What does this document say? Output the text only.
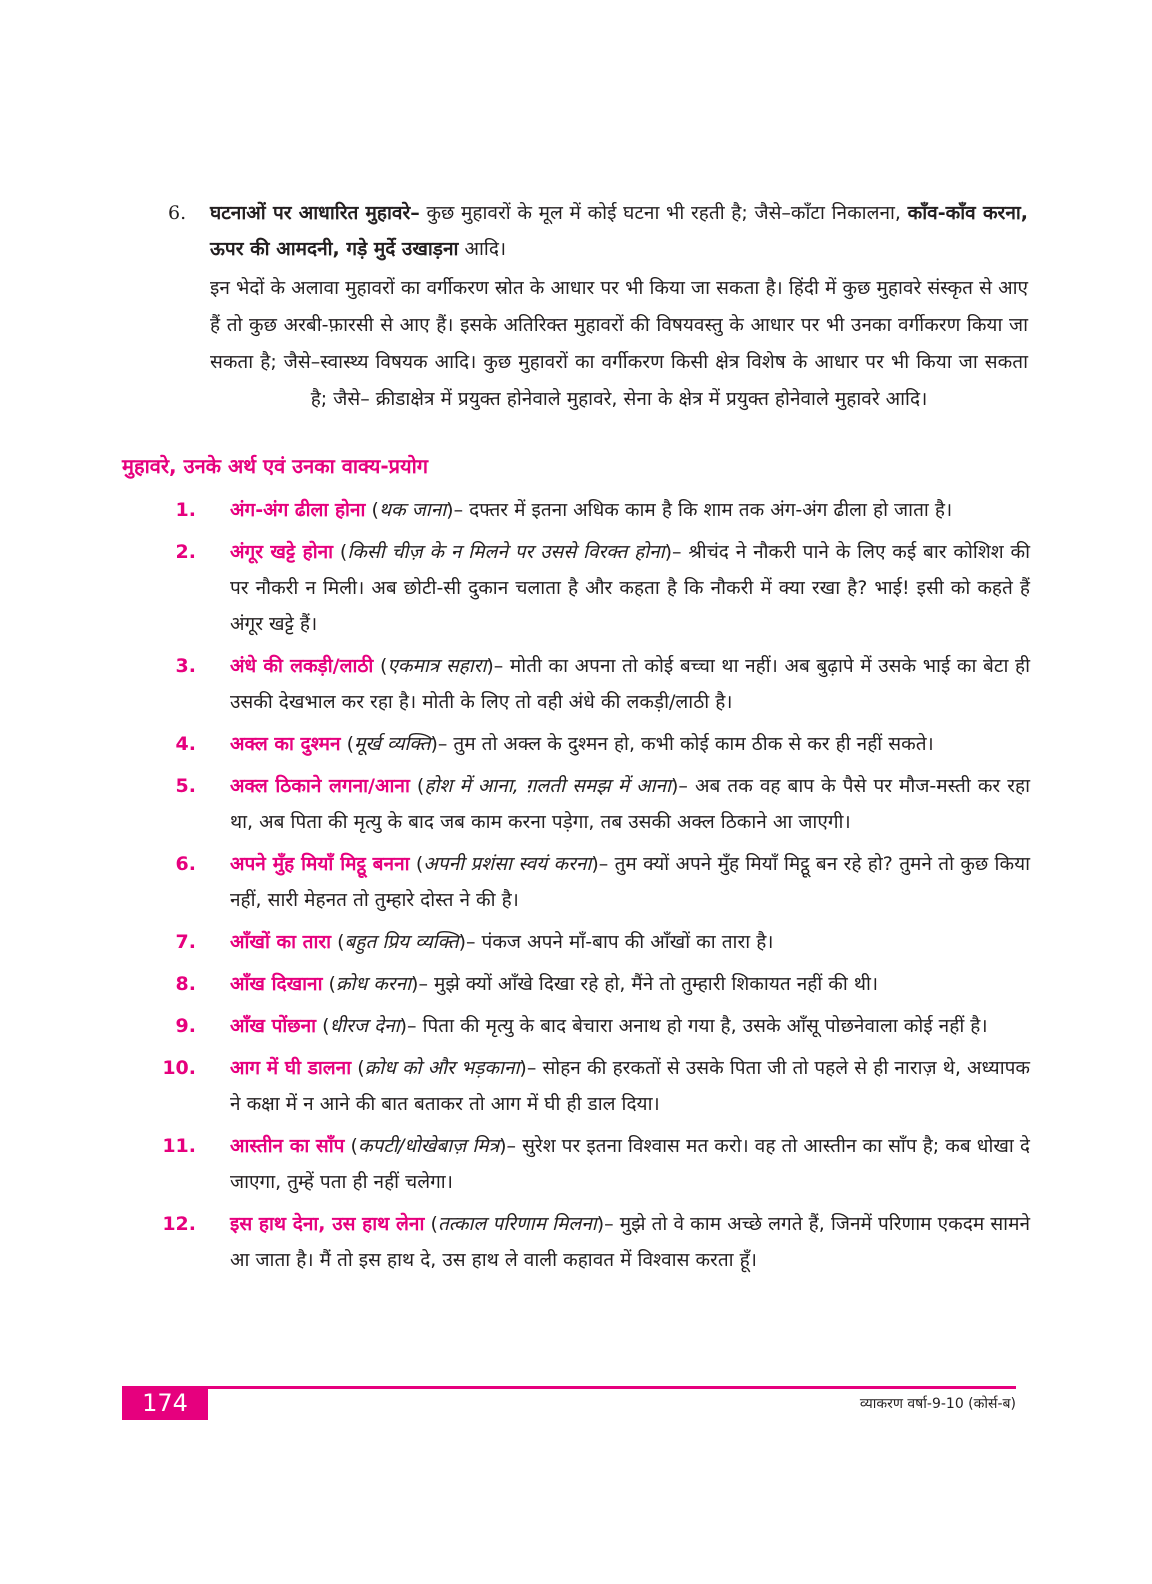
6. घटनाओं पर आधारित मुहावरे– कुछ मुहावरों के मूल में कोई घटना भी रहती है; जैसे–काँटा निकालना, काँव-काँव करना, ऊपर की आमदनी, गड़े मुर्दे उखाड़ना आदि।

इन भेदों के अलावा मुहावरों का वर्गीकरण स्रोत के आधार पर भी किया जा सकता है। हिंदी में कुछ मुहावरे संस्कृत से आए हैं तो कुछ अरबी-फ़ारसी से आए हैं। इसके अतिरिक्त मुहावरों की विषयवस्तु के आधार पर भी उनका वर्गीकरण किया जा सकता है; जैसे–स्वास्थ्य विषयक आदि। कुछ मुहावरों का वर्गीकरण किसी क्षेत्र विशेष के आधार पर भी किया जा सकता है; जैसे– क्रीडाक्षेत्र में प्रयुक्त होनेवाले मुहावरे, सेना के क्षेत्र में प्रयुक्त होनेवाले मुहावरे आदि।

मुहावरे, उनके अर्थ एवं उनका वाक्य-प्रयोग
1. अंग-अंग ढीला होना (थक जाना)– दफ्तर में इतना अधिक काम है कि शाम तक अंग-अंग ढीला हो जाता है।
2. अंगूर खट्टे होना (किसी चीज़ के न मिलने पर उससे विरक्त होना)– श्रीचंद ने नौकरी पाने के लिए कई बार कोशिश की पर नौकरी न मिली। अब छोटी-सी दुकान चलाता है और कहता है कि नौकरी में क्या रखा है? भाई! इसी को कहते हैं अंगूर खट्टे हैं।
3. अंधे की लकड़ी/लाठी (एकमात्र सहारा)– मोती का अपना तो कोई बच्चा था नहीं। अब बुढ़ापे में उसके भाई का बेटा ही उसकी देखभाल कर रहा है। मोती के लिए तो वही अंधे की लकड़ी/लाठी है।
4. अक्ल का दुश्मन (मूर्ख व्यक्ति)– तुम तो अक्ल के दुश्मन हो, कभी कोई काम ठीक से कर ही नहीं सकते।
5. अक्ल ठिकाने लगना/आना (होश में आना, ग़लती समझ में आना)– अब तक वह बाप के पैसे पर मौज-मस्ती कर रहा था, अब पिता की मृत्यु के बाद जब काम करना पड़ेगा, तब उसकी अक्ल ठिकाने आ जाएगी।
6. अपने मुँह मियाँ मिट्ठू बनना (अपनी प्रशंसा स्वयं करना)– तुम क्यों अपने मुँह मियाँ मिट्ठू बन रहे हो? तुमने तो कुछ किया नहीं, सारी मेहनत तो तुम्हारे दोस्त ने की है।
7. आँखों का तारा (बहुत प्रिय व्यक्ति)– पंकज अपने माँ-बाप की आँखों का तारा है।
8. आँख दिखाना (क्रोध करना)– मुझे क्यों आँखे दिखा रहे हो, मैंने तो तुम्हारी शिकायत नहीं की थी।
9. आँख पोंछना (धीरज देना)– पिता की मृत्यु के बाद बेचारा अनाथ हो गया है, उसके आँसू पोछनेवाला कोई नहीं है।
10. आग में घी डालना (क्रोध को और भड़काना)– सोहन की हरकतों से उसके पिता जी तो पहले से ही नाराज़ थे, अध्यापक ने कक्षा में न आने की बात बताकर तो आग में घी ही डाल दिया।
11. आस्तीन का साँप (कपटी/धोखेबाज़ मित्र)– सुरेश पर इतना विश्वास मत करो। वह तो आस्तीन का साँप है; कब धोखा दे जाएगा, तुम्हें पता ही नहीं चलेगा।
12. इस हाथ देना, उस हाथ लेना (तत्काल परिणाम मिलना)– मुझे तो वे काम अच्छे लगते हैं, जिनमें परिणाम एकदम सामने आ जाता है। मैं तो इस हाथ दे, उस हाथ ले वाली कहावत में विश्वास करता हूँ।
174	व्याकरण वर्षा-9-10 (कोर्स-ब)
